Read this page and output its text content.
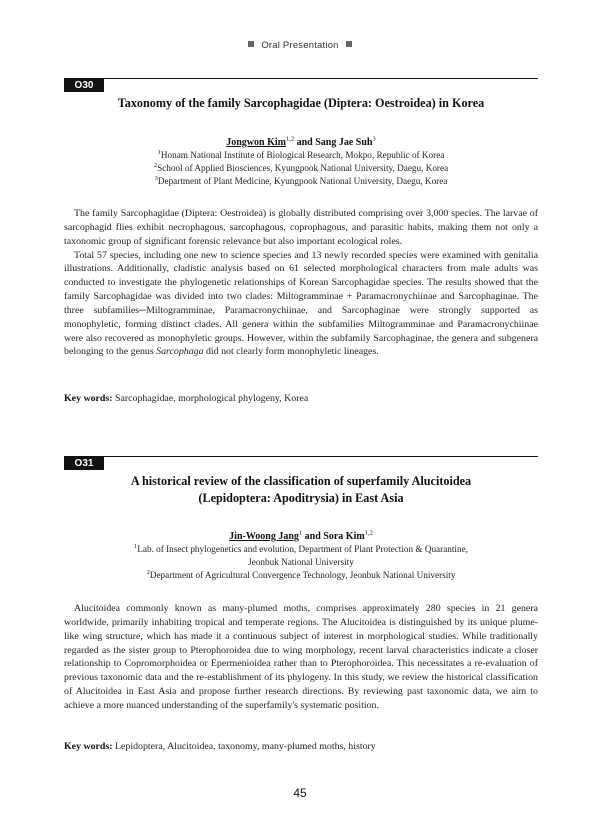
Oral Presentation
O30
Taxonomy of the family Sarcophagidae (Diptera: Oestroidea) in Korea
Jongwon Kim$^{1,2}$ and Sang Jae Suh$^3$
$^1$Honam National Institute of Biological Research, Mokpo, Republic of Korea
$^2$School of Applied Biosciences, Kyungpook National University, Daegu, Korea
$^3$Department of Plant Medicine, Kyungpook National University, Daegu, Korea

The family Sarcophagidae (Diptera: Oestroidea) is globally distributed comprising over 3,000 species. The larvae of sarcophagid flies exhibit necrophagous, sarcophagous, coprophagous, and parasitic habits, making them not only a taxonomic group of significant forensic relevance but also important ecological roles.

Total 57 species, including one new to science species and 13 newly recorded species were examined with genitalia illustrations. Additionally, cladistic analysis based on 61 selected morphological characters from male adults was conducted to investigate the phylogenetic relationships of Korean Sarcophagidae species. The results showed that the family Sarcophagidae was divided into two clades: Miltogramminae + Paramacronychiinae and Sarcophaginae. The three subfamilies─Miltogramminae, Paramacronychiinae, and Sarcophaginae were strongly supported as monophyletic, forming distinct clades. All genera within the subfamilies Miltogramminae and Paramacronychiinae were also recovered as monophyletic groups. However, within the subfamily Sarcophaginae, the genera and subgenera belonging to the genus Sarcophaga did not clearly form monophyletic lineages.

Key words: Sarcophagidae, morphological phylogeny, Korea
O31
A historical review of the classification of superfamily Alucitoidea
(Lepidoptera: Apoditrysia) in East Asia
Jin-Woong Jang$^1$ and Sora Kim$^{1,2}$
$^1$Lab. of Insect phylogenetics and evolution, Department of Plant Protection & Quarantine,
Jeonbuk National University
$^2$Department of Agricultural Convergence Technology, Jeonbuk National University

Alucitoidea commonly known as many-plumed moths, comprises approximately 280 species in 21 genera worldwide, primarily inhabiting tropical and temperate regions. The Alucitoidea is distinguished by its unique plume-like wing structure, which has made it a continuous subject of interest in morphological studies. While traditionally regarded as the sister group to Pterophoroidea due to wing morphology, recent larval characteristics indicate a closer relationship to Copromorphoidea or Epermenioidea rather than to Pterophoroidea. This necessitates a re-evaluation of previous taxonomic data and the re-establishment of its phylogeny. In this study, we review the historical classification of Alucitoidea in East Asia and propose further research directions. By reviewing past taxonomic data, we aim to achieve a more nuanced understanding of the superfamily's systematic position.

Key words: Lepidoptera, Alucitoidea, taxonomy, many-plumed moths, history
45
